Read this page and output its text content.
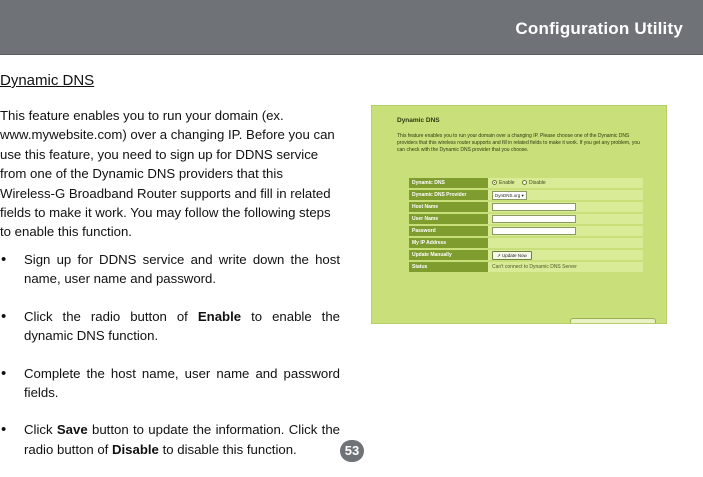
Configuration Utility
Dynamic DNS
This feature enables you to run your domain (ex. www.mywebsite.com) over a changing IP. Before you can use this feature, you need to sign up for DDNS service from one of the Dynamic DNS providers that this Wireless-G Broadband Router supports and fill in related fields to make it work. You may follow the following steps to enable this function.
• Sign up for DDNS service and write down the host name, user name and password.
• Click the radio button of Enable to enable the dynamic DNS function.
• Complete the host name, user name and password fields.
• Click Save button to update the information. Click the radio button of Disable to disable this function.	53
Dynamic DNS
This feature enables you to run your domain over a changing IP. Please choose one of the Dynamic DNS providers that this wireless router supports and fill in related fields to make it work. If you get any problem, you can check with the Dynamic DNS provider that you choose.
Dynamic DNS	Enable Disable
Dynamic DNS Provider	DynDNS.org ▾
Host Name	
User Name	
Password	
My IP Address	
Update Manually	➚ Update Now
Status	Can't connect to Dynamic DNS Server
